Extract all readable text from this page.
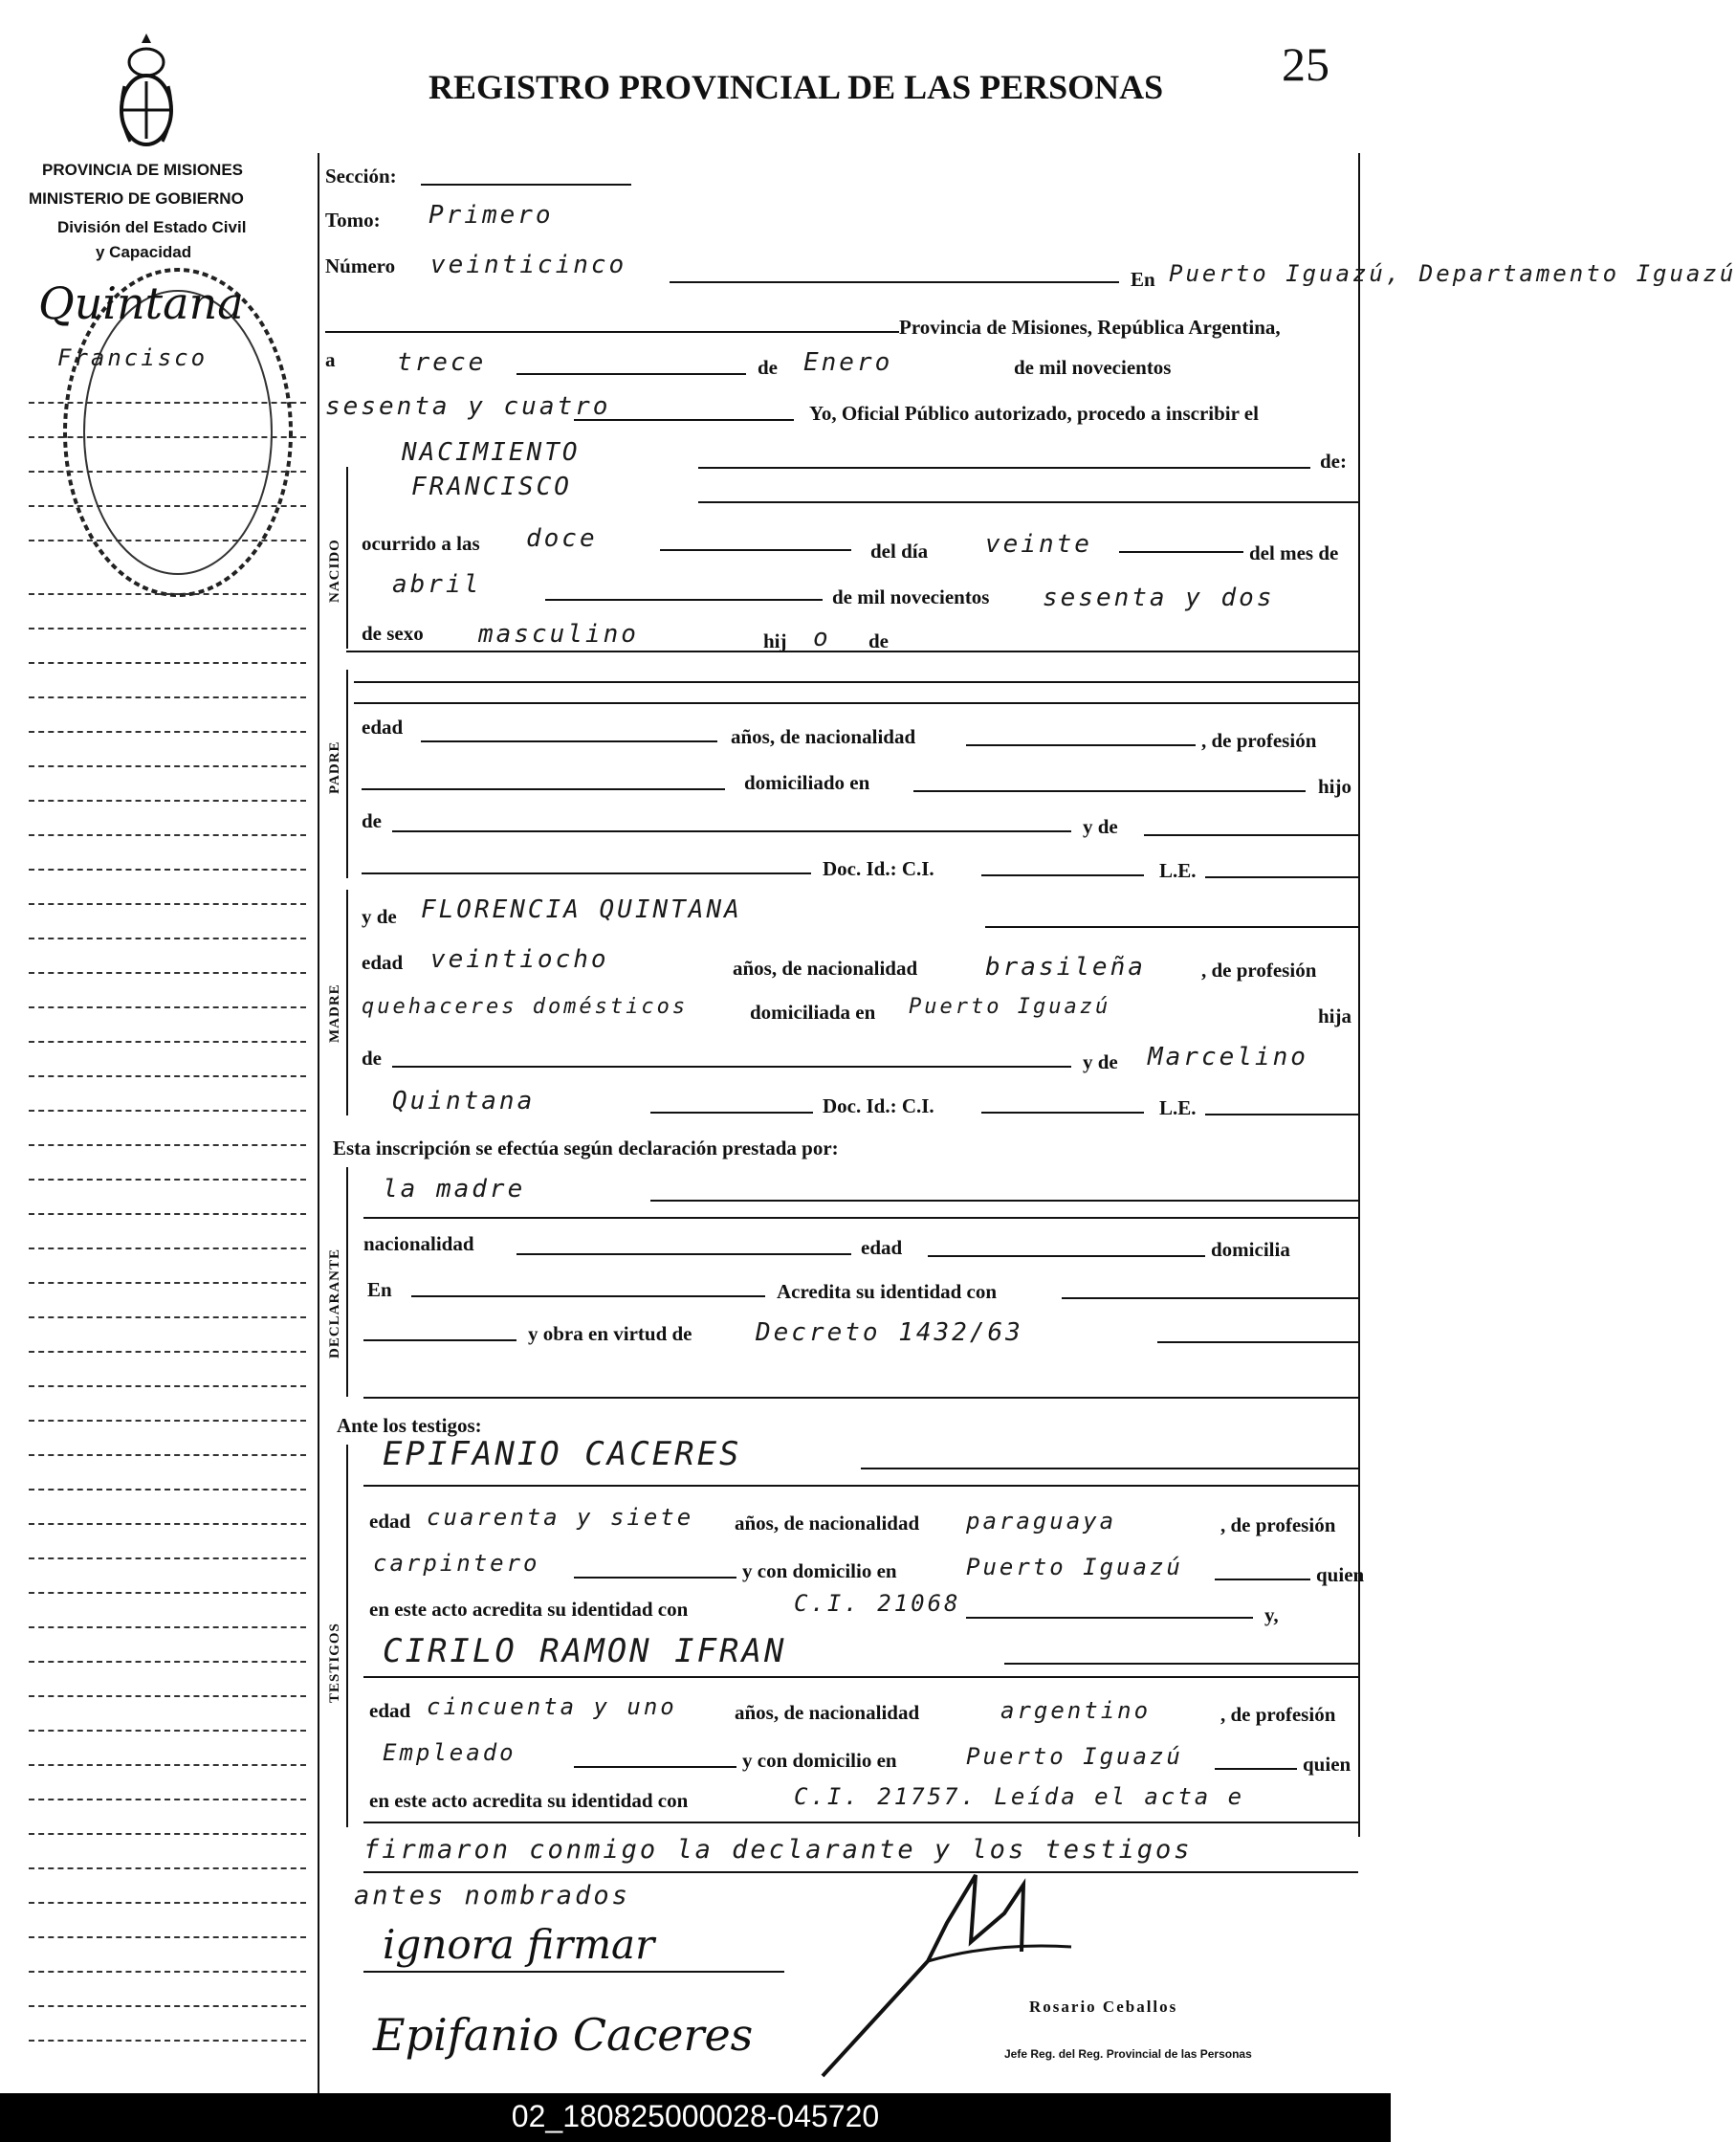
REGISTRO PROVINCIAL DE LAS PERSONAS 25
PROVINCIA DE MISIONES
MINISTERIO DE GOBIERNO
División del Estado Civil
y Capacidad
Quintana
Francisco
Sección:
Tomo: Primero
Número veinticinco	En Puerto Iguazú, Departamento Iguazú
Provincia de Misiones, República Argentina,
a trece	de Enero	de mil novecientos
sesenta y cuatro	Yo, Oficial Público autorizado, procedo a inscribir el
NACIMIENTO	de:
NACIDO
FRANCISCO
ocurrido a las doce	del día veinte	del mes de
abril	de mil novecientos sesenta y dos
de sexo masculino	hij o de
PADRE
edad	años, de nacionalidad	, de profesión
domiciliado en	hijo
de	y de
Doc. Id.: C.I.	L.E.
MADRE
y de FLORENCIA QUINTANA
edad veintiocho	años, de nacionalidad	brasileña	, de profesión
quehaceres domésticos	domiciliada en Puerto Iguazú	hija
de	y de Marcelino
Quintana	Doc. Id.: C.I.	L.E.
Esta inscripción se efectúa según declaración prestada por:
DECLARANTE
la madre
nacionalidad	edad	domicilia
En	Acredita su identidad con
y obra en virtud de	Decreto 1432/63
Ante los testigos:
TESTIGOS
EPIFANIO CACERES
edad cuarenta y siete años, de nacionalidad paraguaya	, de profesión
carpintero	y con domicilio en	Puerto Iguazú	quien
en este acto acredita su identidad con	C.I. 21068	y,
CIRILO RAMON IFRAN
edad cincuenta y uno	años, de nacionalidad	argentino	, de profesión
Empleado	y con domicilio en	Puerto Iguazú	quien
en este acto acredita su identidad con	C.I. 21757. Leída el acta e
firmaron conmigo la declarante y los testigos
antes nombrados
ignora firmar
Epifanio Caceres
Rosario Ceballos
Jefe Reg. del Reg. Provincial de las Personas
02_180825000028-045720
